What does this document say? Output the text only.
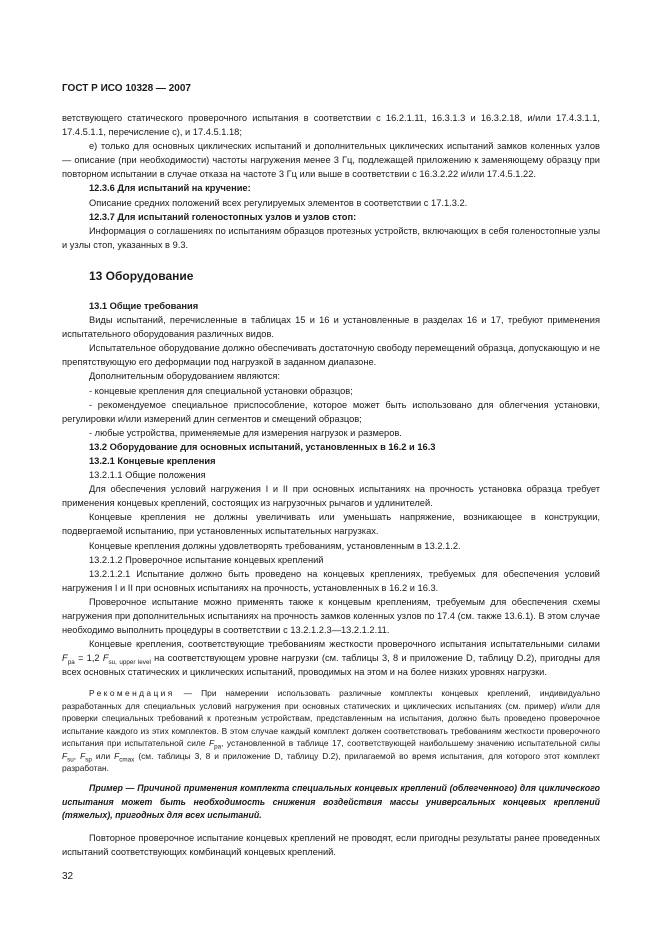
ГОСТ Р ИСО 10328 — 2007

ветствующего статического проверочного испытания в соответствии с 16.2.1.11, 16.3.1.3 и 16.3.2.18, и/или 17.4.3.1.1, 17.4.5.1.1, перечисление с), и 17.4.5.1.18;

е) только для основных циклических испытаний и дополнительных циклических испытаний замков коленных узлов — описание (при необходимости) частоты нагружения менее 3 Гц, подлежащей приложению к заменяющему образцу при повторном испытании в случае отказа на частоте 3 Гц или выше в соответствии с 16.3.2.22 и/или 17.4.5.1.22.

12.3.6 Для испытаний на кручение:

Описание средних положений всех регулируемых элементов в соответствии с 17.1.3.2.

12.3.7 Для испытаний голеностопных узлов и узлов стоп:

Информация о соглашениях по испытаниям образцов протезных устройств, включающих в себя голеностопные узлы и узлы стоп, указанных в 9.3.

13 Оборудование

13.1 Общие требования

Виды испытаний, перечисленные в таблицах 15 и 16 и установленные в разделах 16 и 17, требуют применения испытательного оборудования различных видов.

Испытательное оборудование должно обеспечивать достаточную свободу перемещений образца, допускающую и не препятствующую его деформации под нагрузкой в заданном диапазоне.

Дополнительным оборудованием являются:

- концевые крепления для специальной установки образцов;

- рекомендуемое специальное приспособление, которое может быть использовано для облегчения установки, регулировки и/или измерений длин сегментов и смещений образцов;

- любые устройства, применяемые для измерения нагрузок и размеров.

13.2 Оборудование для основных испытаний, установленных в 16.2 и 16.3

13.2.1 Концевые крепления

13.2.1.1 Общие положения

Для обеспечения условий нагружения I и II при основных испытаниях на прочность установка образца требует применения концевых креплений, состоящих из нагрузочных рычагов и удлинителей.

Концевые крепления не должны увеличивать или уменьшать напряжение, возникающее в конструкции, подвергаемой испытанию, при установленных испытательных нагрузках.

Концевые крепления должны удовлетворять требованиям, установленным в 13.2.1.2.

13.2.1.2 Проверочное испытание концевых креплений

13.2.1.2.1 Испытание должно быть проведено на концевых креплениях, требуемых для обеспечения условий нагружения I и II при основных испытаниях на прочность, установленных в 16.2 и 16.3.

Проверочное испытание можно применять также к концевым креплениям, требуемым для обеспечения схемы нагружения при дополнительных испытаниях на прочность замков коленных узлов по 17.4 (см. также 13.6.1). В этом случае необходимо выполнить процедуры в соответствии с 13.2.1.2.3—13.2.1.2.11.

Концевые крепления, соответствующие требованиям жесткости проверочного испытания испытательными силами $F_{pa} = 1,2$ $F_{su, upper level}$ на соответствующем уровне нагрузки (см. таблицы 3, 8 и приложение D, таблицу D.2), пригодны для всех основных статических и циклических испытаний, проводимых на этом и на более низких уровнях нагрузки.

Рекомендация — При намерении использовать различные комплекты концевых креплений, индивидуально разработанных для специальных условий нагружения при основных статических и циклических испытаниях (см. пример) и/или для проверки специальных требований к протезным устройствам, представленным на испытания, должно быть проведено проверочное испытание каждого из этих комплектов. В этом случае каждый комплект должен соответствовать требованиям жесткости проверочного испытания при испытательной силе $F_{pa}$, установленной в таблице 17, соответствующей наибольшему значению испытательной силы $F_{su}$, $F_{sp}$ или $F_{cmax}$ (см. таблицы 3, 8 и приложение D, таблицу D.2), прилагаемой во время испытания, для которого этот комплект разработан.

Пример — Причиной применения комплекта специальных концевых креплений (облегченного) для циклического испытания может быть необходимость снижения воздействия массы универсальных концевых креплений (тяжелых), пригодных для всех испытаний.

Повторное проверочное испытание концевых креплений не проводят, если пригодны результаты ранее проведенных испытаний соответствующих комбинаций концевых креплений.

32
